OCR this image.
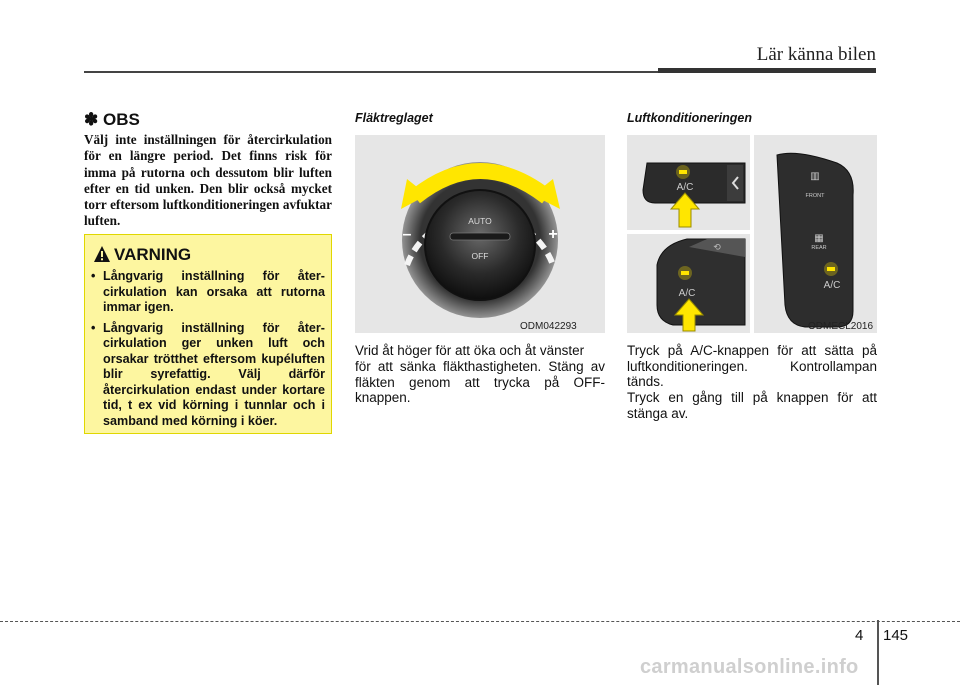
Lär känna bilen
✽ OBS
Välj inte inställningen för återcirkulation för en längre period. Det finns risk för imma på rutorna och dessutom blir luften efter en tid unken. Den blir också mycket torr eftersom luftkonditioneringen avfuktar luften.
VARNING
• Långvarig inställning för åter-cirkulation kan orsaka att rutorna immar igen.
• Långvarig inställning för åter-cirkulation ger unken luft och orsakar trötthet eftersom kupéluften blir syrefattig. Välj därför återcirkulation endast under kortare tid, t ex vid körning i tunnlar och i samband med körning i köer.
Fläktreglaget
AUTO
OFF
–	+
ODM042293
Vrid åt höger för att öka och åt vänster
för att sänka fläkthastigheten. Stäng av fläkten genom att trycka på OFF-knappen.
Luftkonditioneringen
A/C
⟲
A/C
▥
FRONT
▦
REAR
A/C
ODMECL2016
Tryck på A/C-knappen för att sätta på luftkonditioneringen. Kontrollampan tänds.
Tryck en gång till på knappen för att stänga av.
4 145
carmanualsonline.info
